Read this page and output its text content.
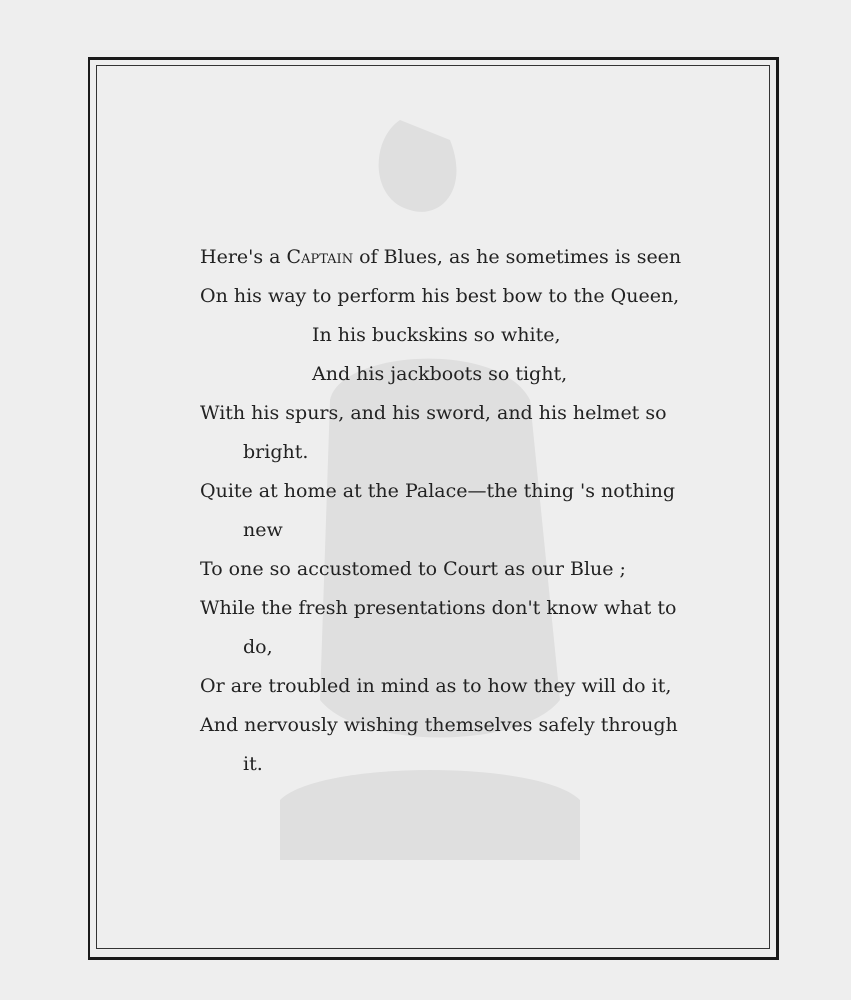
Here's a Captain of Blues, as he sometimes is seen
On his way to perform his best bow to the Queen,
In his buckskins so white,
And his jackboots so tight,
With his spurs, and his sword, and his helmet so
bright.
Quite at home at the Palace—the thing 's nothing
new
To one so accustomed to Court as our Blue ;
While the fresh presentations don't know what to
do,
Or are troubled in mind as to how they will do it,
And nervously wishing themselves safely through
it.
